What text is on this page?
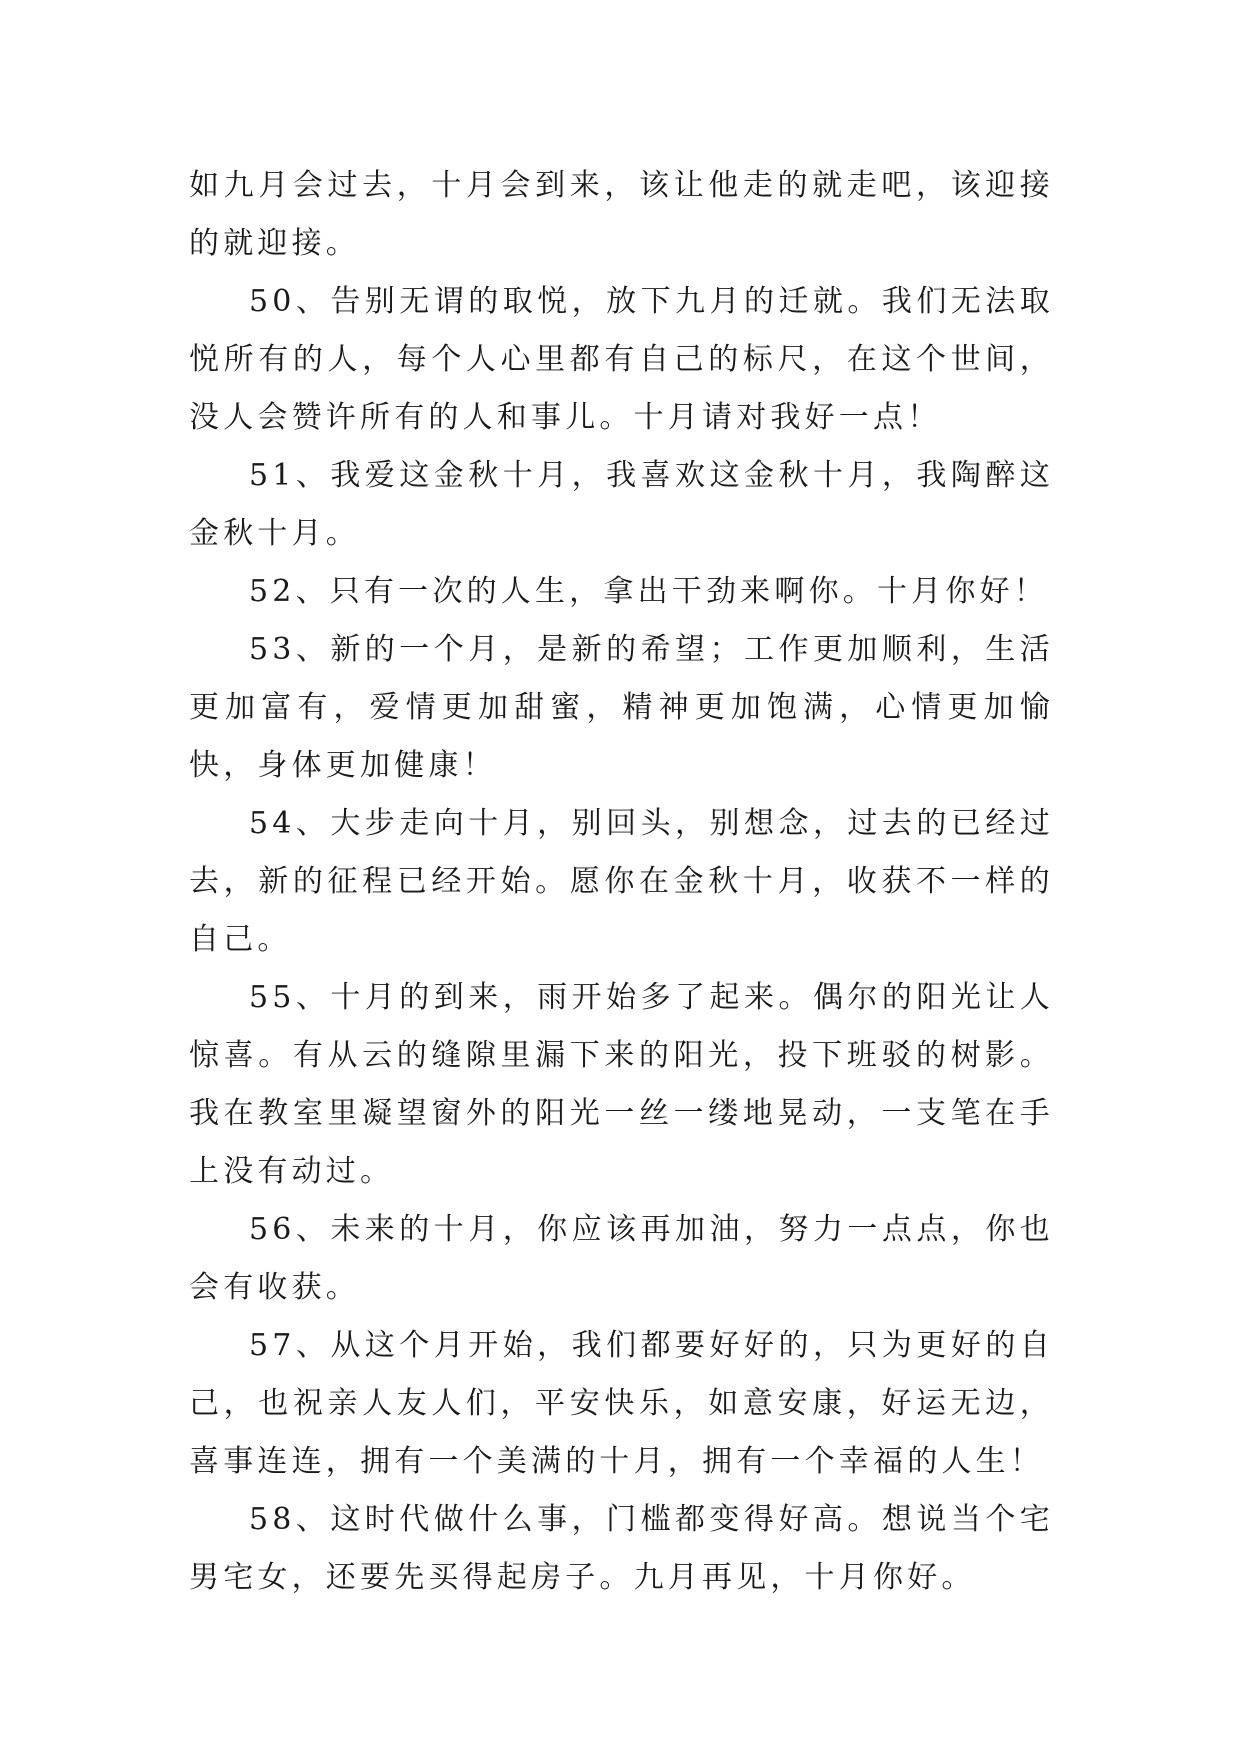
如九月会过去，十月会到来，该让他走的就走吧，该迎接的就迎接。

50、告别无谓的取悦，放下九月的迁就。我们无法取悦所有的人，每个人心里都有自己的标尺，在这个世间，没人会赞许所有的人和事儿。十月请对我好一点！

51、我爱这金秋十月，我喜欢这金秋十月，我陶醉这金秋十月。

52、只有一次的人生，拿出干劲来啊你。十月你好！

53、新的一个月，是新的希望；工作更加顺利，生活更加富有，爱情更加甜蜜，精神更加饱满，心情更加愉快，身体更加健康！

54、大步走向十月，别回头，别想念，过去的已经过去，新的征程已经开始。愿你在金秋十月，收获不一样的自己。

55、十月的到来，雨开始多了起来。偶尔的阳光让人惊喜。有从云的缝隙里漏下来的阳光，投下班驳的树影。我在教室里凝望窗外的阳光一丝一缕地晃动，一支笔在手上没有动过。

56、未来的十月，你应该再加油，努力一点点，你也会有收获。

57、从这个月开始，我们都要好好的，只为更好的自己，也祝亲人友人们，平安快乐，如意安康，好运无边，喜事连连，拥有一个美满的十月，拥有一个幸福的人生！

58、这时代做什么事，门槛都变得好高。想说当个宅男宅女，还要先买得起房子。九月再见，十月你好。
